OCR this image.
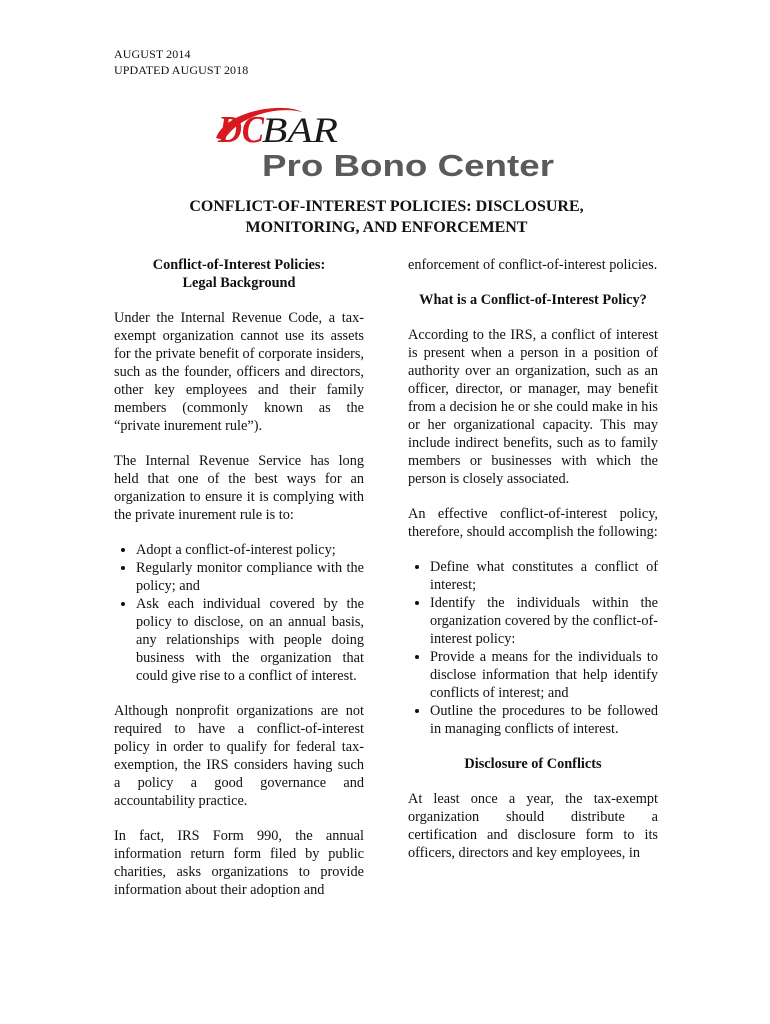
AUGUST 2014
UPDATED AUGUST 2018
DC
BAR
Pro Bono Center
CONFLICT-OF-INTEREST POLICIES: DISCLOSURE,
MONITORING, AND ENFORCEMENT
Conflict-of-Interest Policies:
Legal Background

Under the Internal Revenue Code, a tax-exempt organization cannot use its assets for the private benefit of corporate insiders, such as the founder, officers and directors, other key employees and their family members (commonly known as the “private inurement rule”).

The Internal Revenue Service has long held that one of the best ways for an organization to ensure it is complying with the private inurement rule is to:

• Adopt a conflict-of-interest policy;
• Regularly monitor compliance with the policy; and
• Ask each individual covered by the policy to disclose, on an annual basis, any relationships with people doing business with the organization that could give rise to a conflict of interest.

Although nonprofit organizations are not required to have a conflict-of-interest policy in order to qualify for federal tax-exemption, the IRS considers having such a policy a good governance and accountability practice.

In fact, IRS Form 990, the annual information return form filed by public charities, asks organizations to provide information about their adoption and

enforcement of conflict-of-interest policies.

What is a Conflict-of-Interest Policy?

According to the IRS, a conflict of interest is present when a person in a position of authority over an organization, such as an officer, director, or manager, may benefit from a decision he or she could make in his or her organizational capacity. This may include indirect benefits, such as to family members or businesses with which the person is closely associated.

An effective conflict-of-interest policy, therefore, should accomplish the following:

• Define what constitutes a conflict of interest;
• Identify the individuals within the organization covered by the conflict-of-interest policy:
• Provide a means for the individuals to disclose information that help identify conflicts of interest; and
• Outline the procedures to be followed in managing conflicts of interest.
Disclosure of Conflicts

At least once a year, the tax-exempt organization should distribute a certification and disclosure form to its officers, directors and key employees, in
